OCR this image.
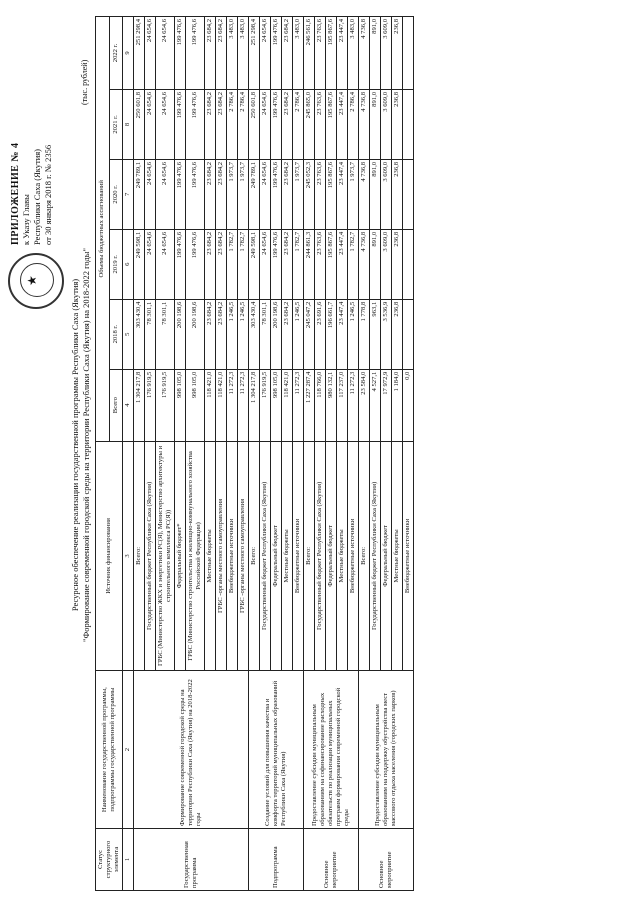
★
ПРИЛОЖЕНИЕ № 4 к Указу Главы Республики Саха (Якутия) от 30 января 2018 г. № 2356
Ресурсное обеспечение реализации государственной программы Республики Саха (Якутия) "Формирование современной городской среды на территории Республики Саха (Якутия) на 2018-2022 годы"
(тыс. рублей)
Статус структурного элемента	Наименование государственной программы, подпрограммы государственной программы	Источник финансирования	Объемы бюджетных ассигнований					
			Всего	2018 г.	2019 г.	2020 г.	2021 г.	2022 г.
1	2	3	4	5	6	7	8	9
Государственная программа	Формирование современной городской среды на территории Республики Саха (Якутия) на 2018-2022 годы	Всего:	1 304 217,8	303 430,4	249 598,1	249 789,1	250 601,8	251 298,4
		Государственный бюджет Республики Саха (Якутия)	176 919,5	78 301,1	24 654,6	24 654,6	24 654,6	24 654,6
		ГРБС (Министерство ЖКХ и энергетики РС(Я), Министерство архитектуры и строительного комплекса РС(Я))	176 919,5	78 301,1	24 654,6	24 654,6	24 654,6	24 654,6
		Федеральный бюджет*	998 105,0	200 198,6	199 476,6	199 476,6	199 476,6	199 476,6
		ГРБС (Министерство строительства и жилищно-коммунального хозяйства Российской Федерации)	998 105,0	200 198,6	199 476,6	199 476,6	199 476,6	199 476,6
		Местные бюджеты	118 421,0	23 684,2	23 684,2	23 684,2	23 684,2	23 684,2
		ГРБС -органы местного самоуправления	118 421,0	23 684,2	23 684,2	23 684,2	23 684,2	23 684,2
		Внебюджетные источники	11 272,3	1 246,5	1 782,7	1 973,7	2 786,4	3 483,0
		ГРБС -органы местного самоуправления	11 272,3	1 246,5	1 782,7	1 973,7	2 786,4	3 483,0
Подпрограмма	Создание условий для повышения качества и комфорта территорий муниципальных образований Республики Саха (Якутия)	Всего:	1 304 217,8	303 430,4	249 598,1	249 789,1	250 601,8	251 298,4
		Государственный бюджет Республики Саха (Якутия)	176 919,5	78 301,1	24 654,6	24 654,6	24 654,6	24 654,6
		Федеральный бюджет	998 105,0	200 198,6	199 476,6	199 476,6	199 476,6	199 476,6
		Местные бюджеты	118 421,0	23 684,2	23 684,2	23 684,2	23 684,2	23 684,2
		Внебюджетные источники	11 272,3	1 246,5	1 782,7	1 973,7	2 786,4	3 483,0
Основное мероприятие	Предоставление субсидии муниципальным образованиям на софинансирование расходных обязательств по реализации муниципальных программ формирования современной городской среды	Всего:	1 227 287,4	245 047,2	244 861,3	245 052,3	245 865,0	246 561,6
		Государственный бюджет Республики Саха (Якутия)	118 766,0	23 691,6	23 763,6	23 763,6	23 763,6	23 763,6
		Федеральный бюджет	980 132,1	196 661,7	195 867,6	195 867,6	195 867,6	195 867,6
		Местные бюджеты	117 237,0	23 447,4	23 447,4	23 447,4	23 447,4	23 447,4
		Внебюджетные источники	11 272,3	1 246,5	1 782,7	1 973,7	2 786,4	3 483,0
Основное мероприятие	Предоставление субсидии муниципальным образованиям на поддержку обустройства мест массового отдыха населения (городских парков)	Всего:	23 584,0	1 778,8	4 736,8	4 736,8	4 736,8	4 736,8
		Государственный бюджет Республики Саха (Якутия)	4 527,1	963,1	891,0	891,0	891,0	891,0
		Федеральный бюджет	17 972,9	3 536,9	3 609,0	3 609,0	3 609,0	3 609,0
		Местные бюджеты	1 184,0	236,8	236,8	236,8	236,8	236,8
		Внебюджетные источники	0,0					
